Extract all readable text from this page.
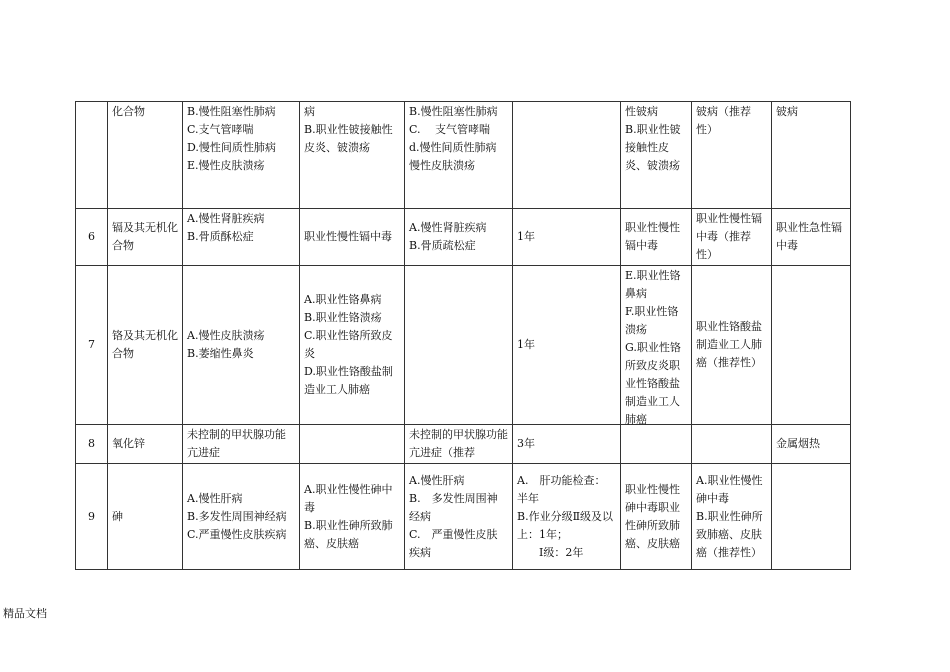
	化合物	B.慢性阻塞性肺病
C.支气管哮喘
D.慢性间质性肺病
E.慢性皮肤溃疡	病
B.职业性铍接触性皮炎、铍溃疡	B.慢性阻塞性肺病
C.　 支气管哮喘
d.慢性间质性肺病
慢性皮肤溃疡		性铍病
B.职业性铍接触性皮炎、铍溃疡	铍病（推荐性）	铍病

6	镉及其无机化合物	A.慢性肾脏疾病
B.骨质酥松症	职业性慢性镉中毒	A.慢性肾脏疾病
B.骨质疏松症	1年	职业性慢性镉中毒	职业性慢性镉中毒（推荐性）	职业性急性镉中毒

7	铬及其无机化合物	A.慢性皮肤溃疡
B.萎缩性鼻炎	A.职业性铬鼻病
B.职业性铬溃疡
C.职业性铬所致皮炎
D.职业性铬酸盐制造业工人肺癌		1年	E.职业性铬鼻病
F.职业性铬溃疡
G.职业性铬所致皮炎职业性铬酸盐制造业工人肺癌	职业性铬酸盐制造业工人肺癌（推荐性）	

8	氧化锌	未控制的甲状腺功能亢进症		未控制的甲状腺功能亢进症（推荐	3年			金属烟热

9	砷	A.慢性肝病
B.多发性周围神经病
C.严重慢性皮肤疾病	A.职业性慢性砷中毒
B.职业性砷所致肺癌、皮肤癌	A.慢性肝病
B.　多发性周围神经病
C.　严重慢性皮肤疾病	A.　肝功能检查：半年
B.作业分级Ⅱ级及以上：1年；
　　Ⅰ级：2年	职业性慢性砷中毒职业性砷所致肺癌、皮肤癌	A.职业性慢性砷中毒
B.职业性砷所致肺癌、皮肤癌（推荐性）	

精品文档
